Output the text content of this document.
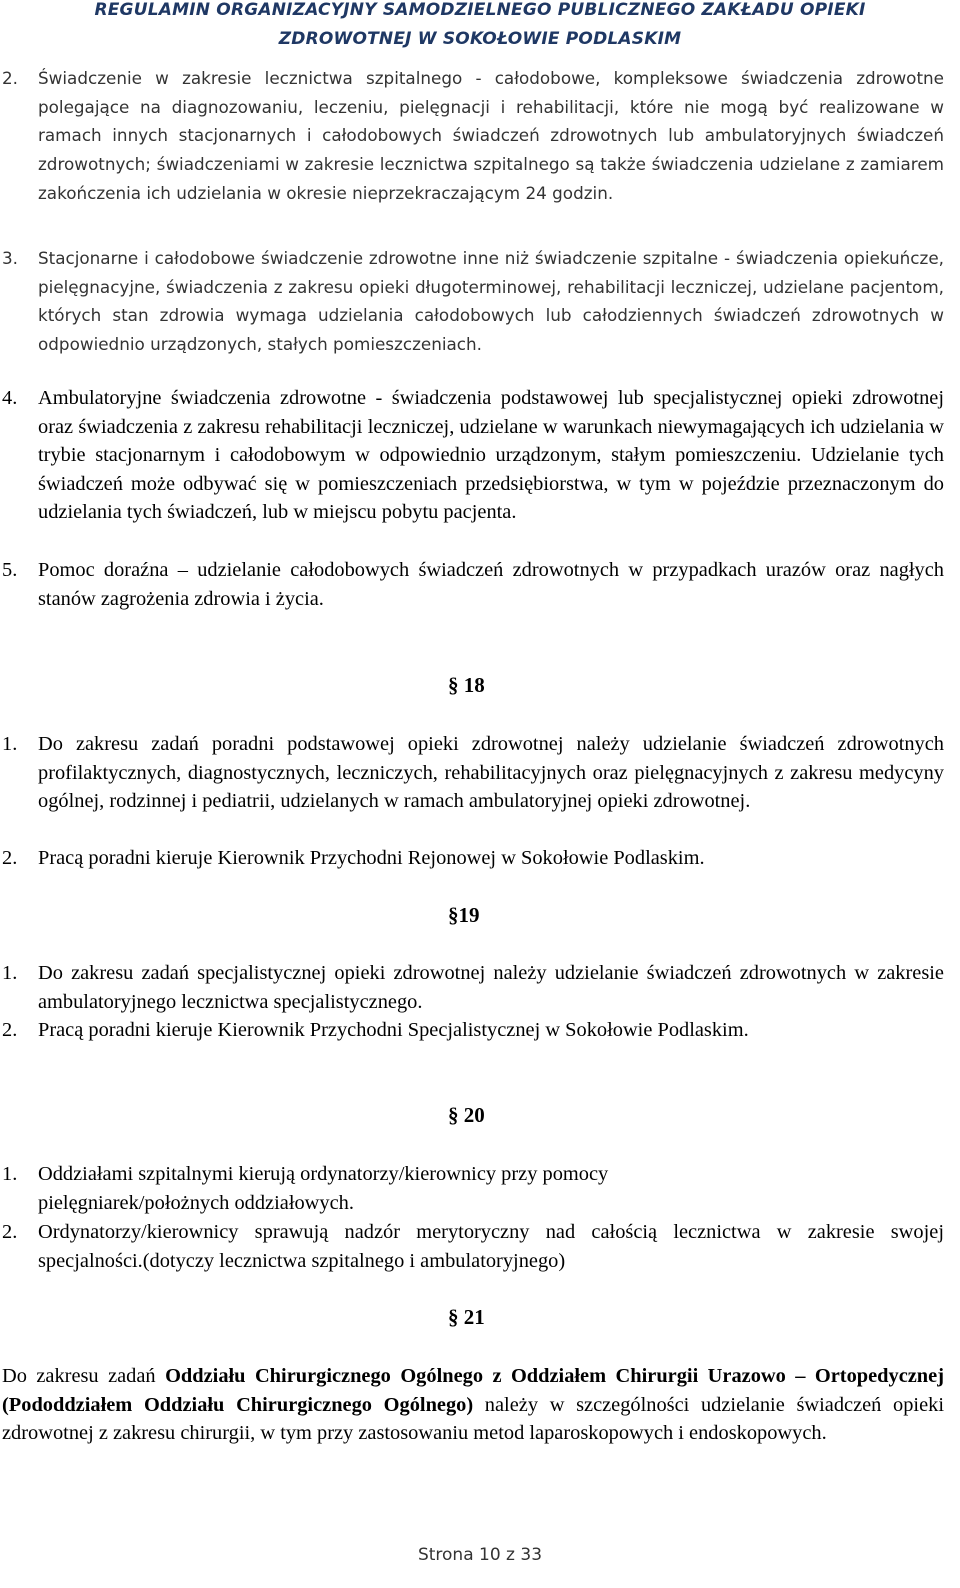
REGULAMIN ORGANIZACYJNY SAMODZIELNEGO PUBLICZNEGO ZAKŁADU OPIEKI
ZDROWOTNEJ W SOKOŁOWIE PODLASKIM
2. Świadczenie w zakresie lecznictwa szpitalnego - całodobowe, kompleksowe świadczenia zdrowotne polegające na diagnozowaniu, leczeniu, pielęgnacji i rehabilitacji, które nie mogą być realizowane w ramach innych stacjonarnych i całodobowych świadczeń zdrowotnych lub ambulatoryjnych świadczeń zdrowotnych; świadczeniami w zakresie lecznictwa szpitalnego są także świadczenia udzielane z zamiarem zakończenia ich udzielania w okresie nieprzekraczającym 24 godzin.
3. Stacjonarne i całodobowe świadczenie zdrowotne inne niż świadczenie szpitalne - świadczenia opiekuńcze, pielęgnacyjne, świadczenia z zakresu opieki długoterminowej, rehabilitacji leczniczej, udzielane pacjentom, których stan zdrowia wymaga udzielania całodobowych lub całodziennych świadczeń zdrowotnych w odpowiednio urządzonych, stałych pomieszczeniach.
4. Ambulatoryjne świadczenia zdrowotne - świadczenia podstawowej lub specjalistycznej opieki zdrowotnej oraz świadczenia z zakresu rehabilitacji leczniczej, udzielane w warunkach niewymagających ich udzielania w trybie stacjonarnym i całodobowym w odpowiednio urządzonym, stałym pomieszczeniu. Udzielanie tych świadczeń może odbywać się w pomieszczeniach przedsiębiorstwa, w tym w pojeździe przeznaczonym do udzielania tych świadczeń, lub w miejscu pobytu pacjenta.
5. Pomoc doraźna – udzielanie całodobowych świadczeń zdrowotnych w przypadkach urazów oraz nagłych stanów zagrożenia zdrowia i życia.
§ 18
1. Do zakresu zadań poradni podstawowej opieki zdrowotnej należy udzielanie świadczeń zdrowotnych profilaktycznych, diagnostycznych, leczniczych, rehabilitacyjnych oraz pielęgnacyjnych z zakresu medycyny ogólnej, rodzinnej i pediatrii, udzielanych w ramach ambulatoryjnej opieki zdrowotnej.
2. Pracą poradni kieruje Kierownik Przychodni Rejonowej w Sokołowie Podlaskim.
§19
1. Do zakresu zadań specjalistycznej opieki zdrowotnej należy udzielanie świadczeń zdrowotnych w zakresie ambulatoryjnego lecznictwa specjalistycznego.
2. Pracą poradni kieruje Kierownik Przychodni Specjalistycznej w Sokołowie Podlaskim.
§ 20
1. Oddziałami szpitalnymi kierują ordynatorzy/kierownicy przy pomocy pielęgniarek/położnych oddziałowych.
2. Ordynatorzy/kierownicy sprawują nadzór merytoryczny nad całością lecznictwa w zakresie swojej specjalności.(dotyczy lecznictwa szpitalnego i ambulatoryjnego)
§ 21
Do zakresu zadań Oddziału Chirurgicznego Ogólnego z Oddziałem Chirurgii Urazowo – Ortopedycznej (Pododdziałem Oddziału Chirurgicznego Ogólnego) należy w szczególności udzielanie świadczeń opieki zdrowotnej z zakresu chirurgii, w tym przy zastosowaniu metod laparoskopowych i endoskopowych.
Strona 10 z 33
